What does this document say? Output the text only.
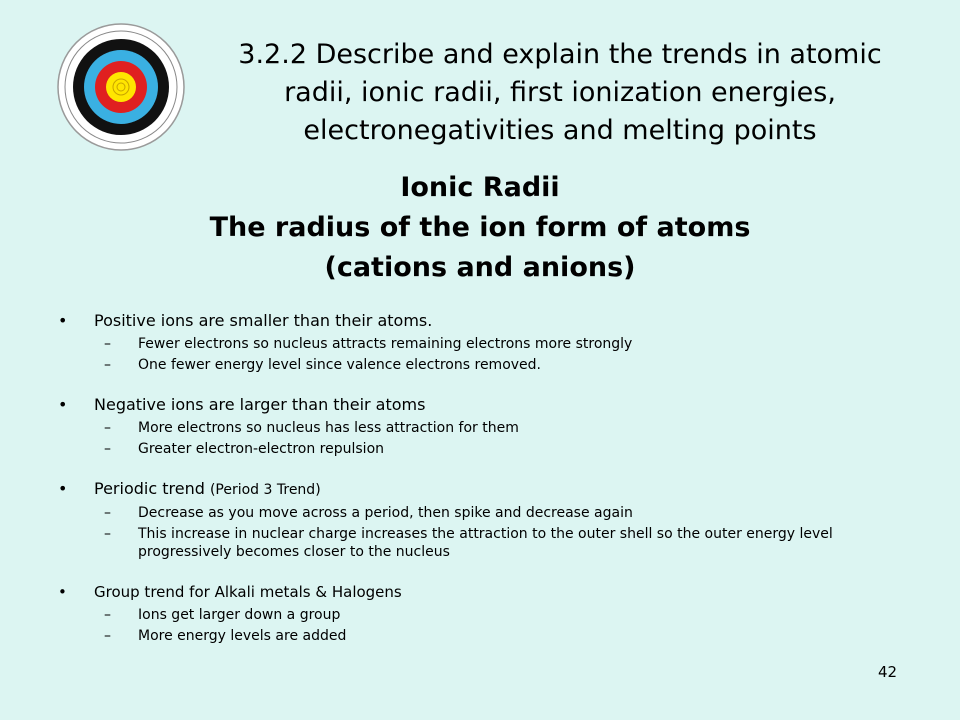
3.2.2 Describe and explain the trends in atomic radii, ionic radii, first ionization energies, electronegativities and melting points
Ionic Radii
The radius of the ion form of atoms
(cations and anions)
•
Positive ions are smaller than their atoms.
–
Fewer electrons so nucleus attracts remaining electrons more strongly
–
One fewer energy level since valence electrons removed.
•
Negative ions are larger than their atoms
–
More electrons so nucleus has less attraction for them
–
Greater electron-electron repulsion
•
Periodic trend (Period 3 Trend)
–
Decrease as you move across a period, then spike and decrease again
–
This increase in nuclear charge increases the attraction to the outer shell so the outer energy level progressively becomes closer to the nucleus
•
Group trend for Alkali metals & Halogens
–
Ions get larger down a group
–
More energy levels are added
42
